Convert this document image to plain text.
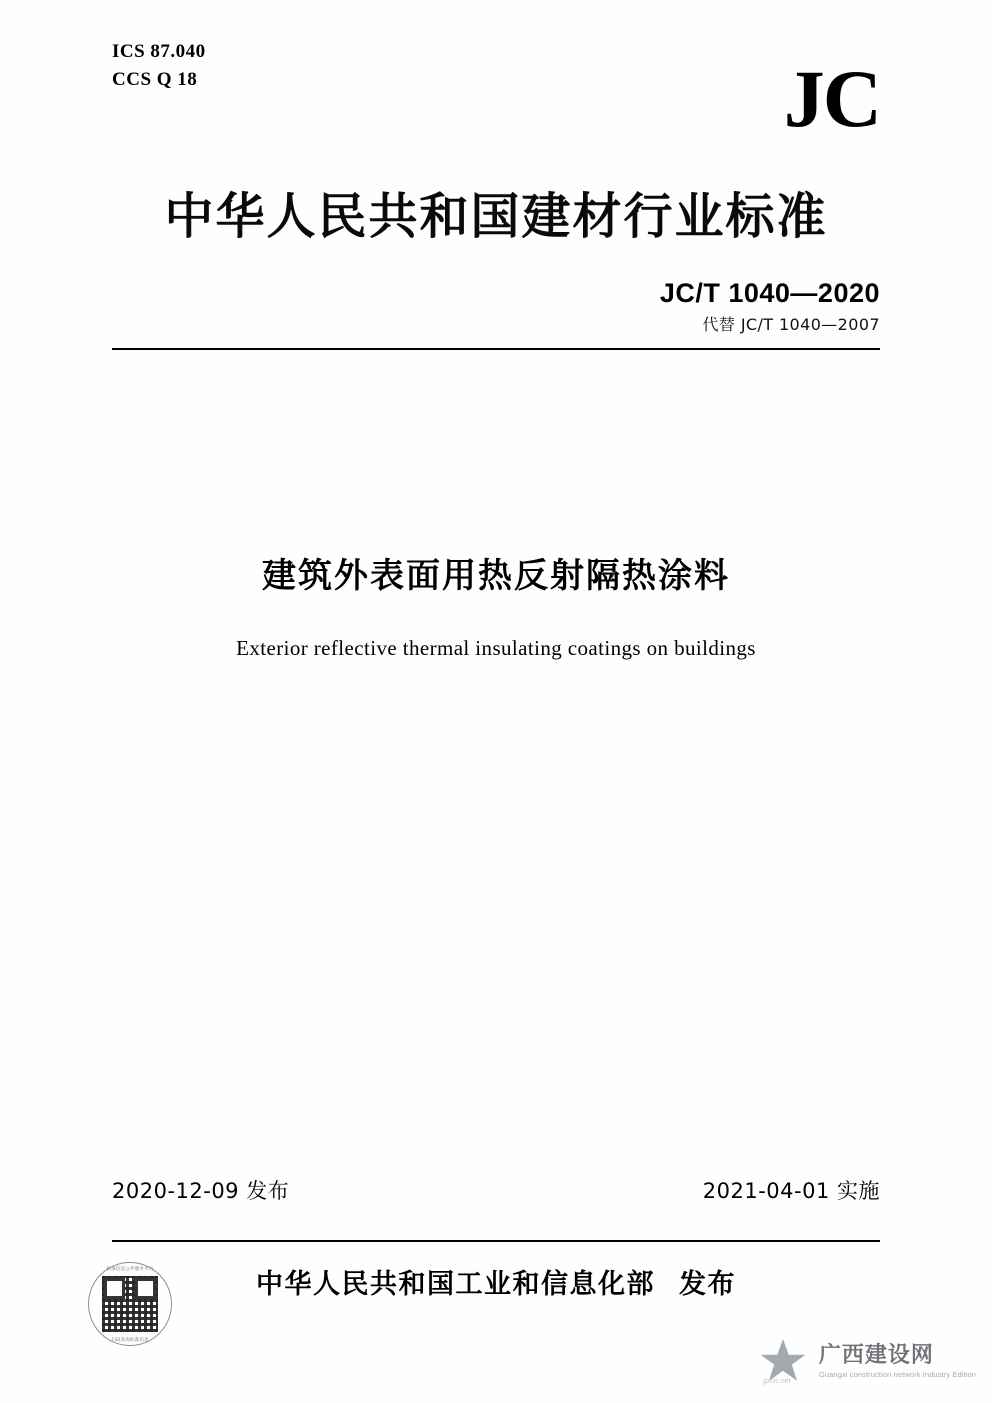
ICS 87.040
CCS Q 18	JC
中华人民共和国建材行业标准
JC/T 1040—2020
代替 JC/T 1040—2007
建筑外表面用热反射隔热涂料
Exterior reflective thermal insulating coatings on buildings
2020-12-09 发布	2021-04-01 实施
中华人民共和国工业和信息化部 发布
标准信息公共服务平台
扫码查询标准信息
广西建设网
Guangxi construction network Industry Edition
gxcic.net
